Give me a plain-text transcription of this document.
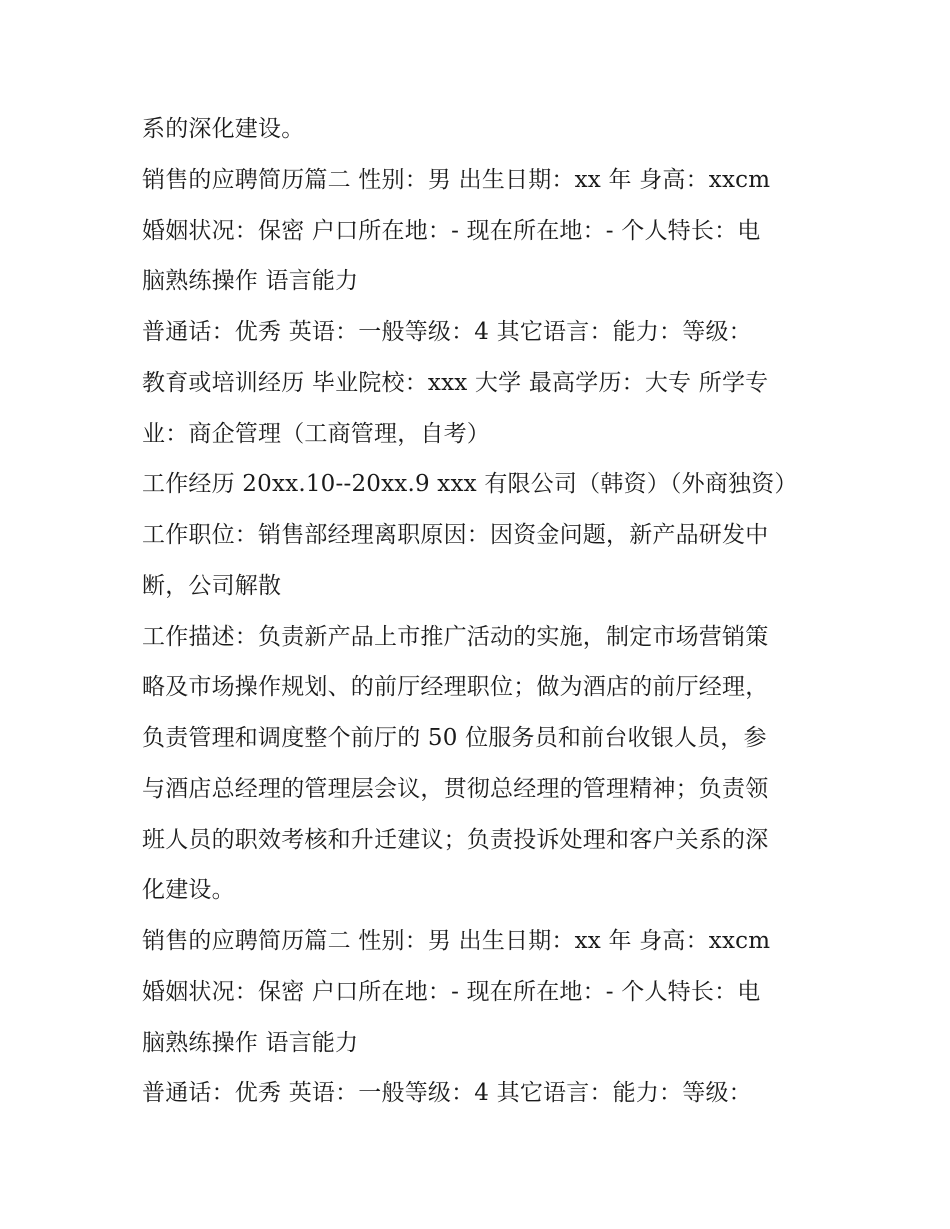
系的深化建设。
销售的应聘简历篇二 性别：男 出生日期：xx 年 身高：xxcm
婚姻状况：保密 户口所在地：- 现在所在地：- 个人特长：电
脑熟练操作 语言能力
普通话：优秀 英语：一般等级：4 其它语言：能力：等级：
教育或培训经历 毕业院校：xxx 大学 最高学历：大专 所学专
业：商企管理（工商管理，自考）
工作经历 20xx.10--20xx.9 xxx 有限公司（韩资）（外商独资）
工作职位：销售部经理离职原因：因资金问题，新产品研发中
断，公司解散
工作描述：负责新产品上市推广活动的实施，制定市场营销策
略及市场操作规划、的前厅经理职位；做为酒店的前厅经理，
负责管理和调度整个前厅的 50 位服务员和前台收银人员，参
与酒店总经理的管理层会议，贯彻总经理的管理精神；负责领
班人员的职效考核和升迁建议；负责投诉处理和客户关系的深
化建设。
销售的应聘简历篇二 性别：男 出生日期：xx 年 身高：xxcm
婚姻状况：保密 户口所在地：- 现在所在地：- 个人特长：电
脑熟练操作 语言能力
普通话：优秀 英语：一般等级：4 其它语言：能力：等级：
